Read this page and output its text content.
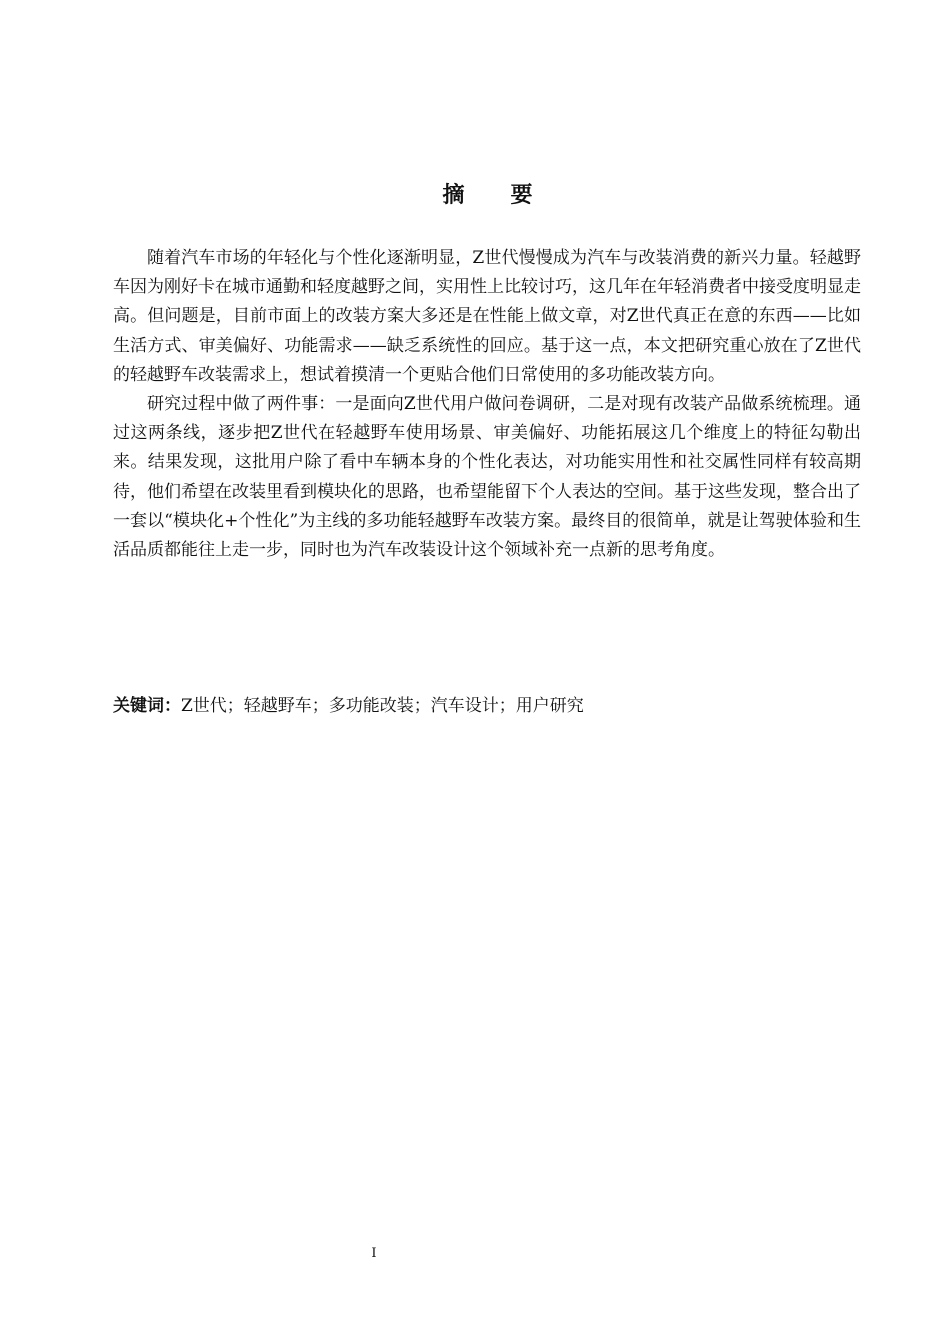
摘 要

随着汽车市场的年轻化与个性化逐渐明显，Z世代慢慢成为汽车与改装消费的新兴力量。轻越野车因为刚好卡在城市通勤和轻度越野之间，实用性上比较讨巧，这几年在年轻消费者中接受度明显走高。但问题是，目前市面上的改装方案大多还是在性能上做文章，对Z世代真正在意的东西——比如生活方式、审美偏好、功能需求——缺乏系统性的回应。基于这一点，本文把研究重心放在了Z世代的轻越野车改装需求上，想试着摸清一个更贴合他们日常使用的多功能改装方向。

研究过程中做了两件事：一是面向Z世代用户做问卷调研，二是对现有改装产品做系统梳理。通过这两条线，逐步把Z世代在轻越野车使用场景、审美偏好、功能拓展这几个维度上的特征勾勒出来。结果发现，这批用户除了看中车辆本身的个性化表达，对功能实用性和社交属性同样有较高期待，他们希望在改装里看到模块化的思路，也希望能留下个人表达的空间。基于这些发现，整合出了一套以“模块化+个性化”为主线的多功能轻越野车改装方案。最终目的很简单，就是让驾驶体验和生活品质都能往上走一步，同时也为汽车改装设计这个领域补充一点新的思考角度。

关键词：Z世代；轻越野车；多功能改装；汽车设计；用户研究
I
